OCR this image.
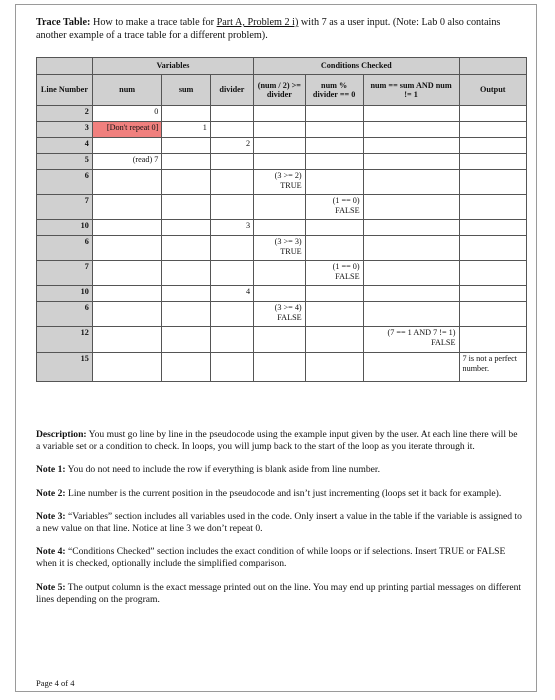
Trace Table: How to make a trace table for Part A, Problem 2 i) with 7 as a user input. (Note: Lab 0 also contains another example of a trace table for a different problem).
	Variables			Conditions Checked			
Line Number	num	sum	divider	(num / 2) >= divider	num % divider == 0	num == sum AND num != 1	Output

2	0						

3	[Don't repeat 0]	1					

4			2				

5	(read) 7						

6				(3 >= 2)
TRUE			

7					(1 == 0)
FALSE		

10			3				

6				(3 >= 3)
TRUE			

7					(1 == 0)
FALSE		

10			4				

6				(3 >= 4)
FALSE			

12						(7 == 1 AND 7 != 1)
FALSE	

15							7 is not a perfect number.

Description: You must go line by line in the pseudocode using the example input given by the user. At each line there will be a variable set or a condition to check. In loops, you will jump back to the start of the loop as you iterate through it.

Note 1: You do not need to include the row if everything is blank aside from line number.

Note 2: Line number is the current position in the pseudocode and isn’t just incrementing (loops set it back for example).

Note 3: “Variables” section includes all variables used in the code. Only insert a value in the table if the variable is assigned to a new value on that line. Notice at line 3 we don’t repeat 0.

Note 4: “Conditions Checked” section includes the exact condition of while loops or if selections. Insert TRUE or FALSE when it is checked, optionally include the simplified comparison.

Note 5: The output column is the exact message printed out on the line. You may end up printing partial messages on different lines depending on the program.

Page 4 of 4
